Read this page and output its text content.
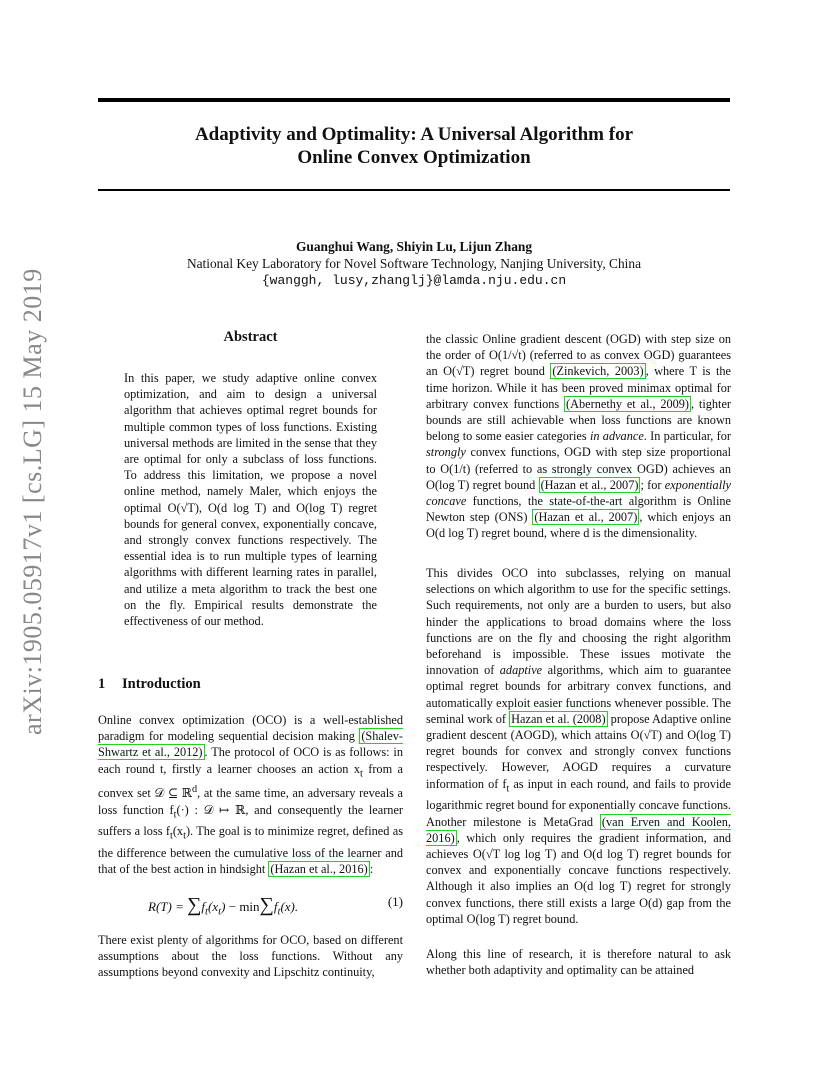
Adaptivity and Optimality: A Universal Algorithm for
Online Convex Optimization
Guanghui Wang, Shiyin Lu, Lijun Zhang
National Key Laboratory for Novel Software Technology, Nanjing University, China
{wanggh, lusy,zhanglj}@lamda.nju.edu.cn
arXiv:1905.05917v1 [cs.LG] 15 May 2019	Abstract

In this paper, we study adaptive online convex optimization, and aim to design a universal algorithm that achieves optimal regret bounds for multiple common types of loss functions. Existing universal methods are limited in the sense that they are optimal for only a subclass of loss functions. To address this limitation, we propose a novel online method, namely Maler, which enjoys the optimal O(√T), O(d log T) and O(log T) regret bounds for general convex, exponentially concave, and strongly convex functions respectively. The essential idea is to run multiple types of learning algorithms with different learning rates in parallel, and utilize a meta algorithm to track the best one on the fly. Empirical results demonstrate the effectiveness of our method.

1 Introduction

Online convex optimization (OCO) is a well-established paradigm for modeling sequential decision making (Shalev-Shwartz et al., 2012) . The protocol of OCO is as follows: in each round t, firstly a learner chooses an action $x_t$ from a convex set 𝒟 ⊆ ℝ$^d$, at the same time, an adversary reveals a loss function $f_t(\cdot)$ : 𝒟 ↦ ℝ, and consequently the learner suffers a loss $f_t(x_t)$. The goal is to minimize regret, defined as the difference between the cumulative loss of the learner and that of the best action in hindsight (Hazan et al., 2016) :

$R(T) = \sum f_t(x_t) - \min\sum f_t(x)$.	(1)

There exist plenty of algorithms for OCO, based on different assumptions about the loss functions. Without any assumptions beyond convexity and Lipschitz continuity,

the classic Online gradient descent (OGD) with step size on the order of O(1/√t) (referred to as convex OGD) guarantees an O(√T) regret bound (Zinkevich, 2003) , where T is the time horizon. While it has been proved minimax optimal for arbitrary convex functions (Abernethy et al., 2009) , tighter bounds are still achievable when loss functions are known belong to some easier categories in advance. In particular, for strongly convex functions, OGD with step size proportional to O(1/t) (referred to as strongly convex OGD) achieves an O(log T) regret bound (Hazan et al., 2007) ; for exponentially concave functions, the state-of-the-art algorithm is Online Newton step (ONS) (Hazan et al., 2007) , which enjoys an O(d log T) regret bound, where d is the dimensionality.

This divides OCO into subclasses, relying on manual selections on which algorithm to use for the specific settings. Such requirements, not only are a burden to users, but also hinder the applications to broad domains where the loss functions are on the fly and choosing the right algorithm beforehand is impossible. These issues motivate the innovation of adaptive algorithms, which aim to guarantee optimal regret bounds for arbitrary convex functions, and automatically exploit easier functions whenever possible. The seminal work of Hazan et al. (2008) propose Adaptive online gradient descent (AOGD), which attains O(√T) and O(log T) regret bounds for convex and strongly convex functions respectively. However, AOGD requires a curvature information of $f_t$ as input in each round, and fails to provide logarithmic regret bound for exponentially concave functions. Another milestone is MetaGrad (van Erven and Koolen, 2016) , which only requires the gradient information, and achieves O(√T log log T) and O(d log T) regret bounds for convex and exponentially concave functions respectively. Although it also implies an O(d log T) regret for strongly convex functions, there still exists a large O(d) gap from the optimal O(log T) regret bound.

Along this line of research, it is therefore natural to ask whether both adaptivity and optimality can be attained
